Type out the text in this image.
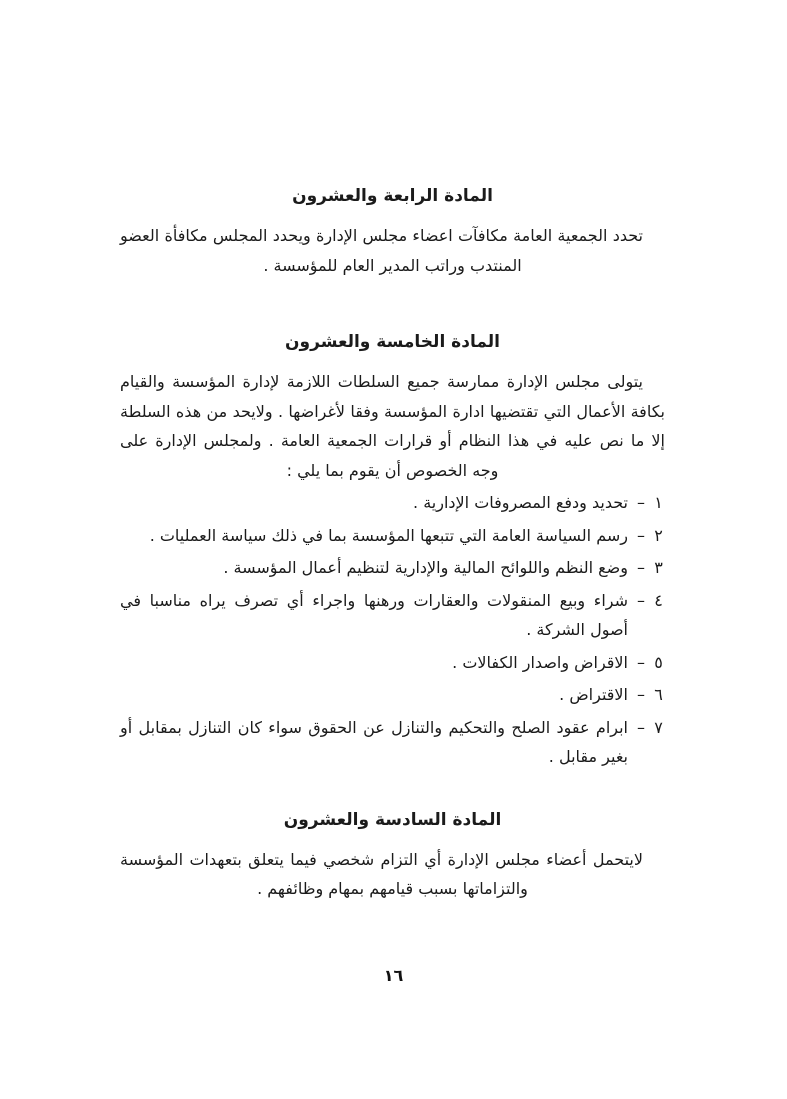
المادة الرابعة والعشرون

تحدد الجمعية العامة مكافآت اعضاء مجلس الإدارة ويحدد المجلس مكافأة العضو المنتدب وراتب المدير العام للمؤسسة .

المادة الخامسة والعشرون

يتولى مجلس الإدارة ممارسة جميع السلطات اللازمة لإدارة المؤسسة والقيام بكافة الأعمال التي تقتضيها ادارة المؤسسة وفقا لأغراضها . ولايحد من هذه السلطة إلا ما نص عليه في هذا النظام أو قرارات الجمعية العامة . ولمجلس الإدارة على وجه الخصوص أن يقوم بما يلي :

١
–
تحديد ودفع المصروفات الإدارية .
٢
–
رسم السياسة العامة التي تتبعها المؤسسة بما في ذلك سياسة العمليات .
٣
–
وضع النظم واللوائح المالية والإدارية لتنظيم أعمال المؤسسة .
٤
–
شراء وبيع المنقولات والعقارات ورهنها واجراء أي تصرف يراه مناسبا في أصول الشركة .
٥
–
الاقراض واصدار الكفالات .
٦
–
الاقتراض .
٧
–
ابرام عقود الصلح والتحكيم والتنازل عن الحقوق سواء كان التنازل بمقابل أو بغير مقابل .
المادة السادسة والعشرون

لايتحمل أعضاء مجلس الإدارة أي التزام شخصي فيما يتعلق بتعهدات المؤسسة والتزاماتها بسبب قيامهم بمهام وظائفهم .

١٦
